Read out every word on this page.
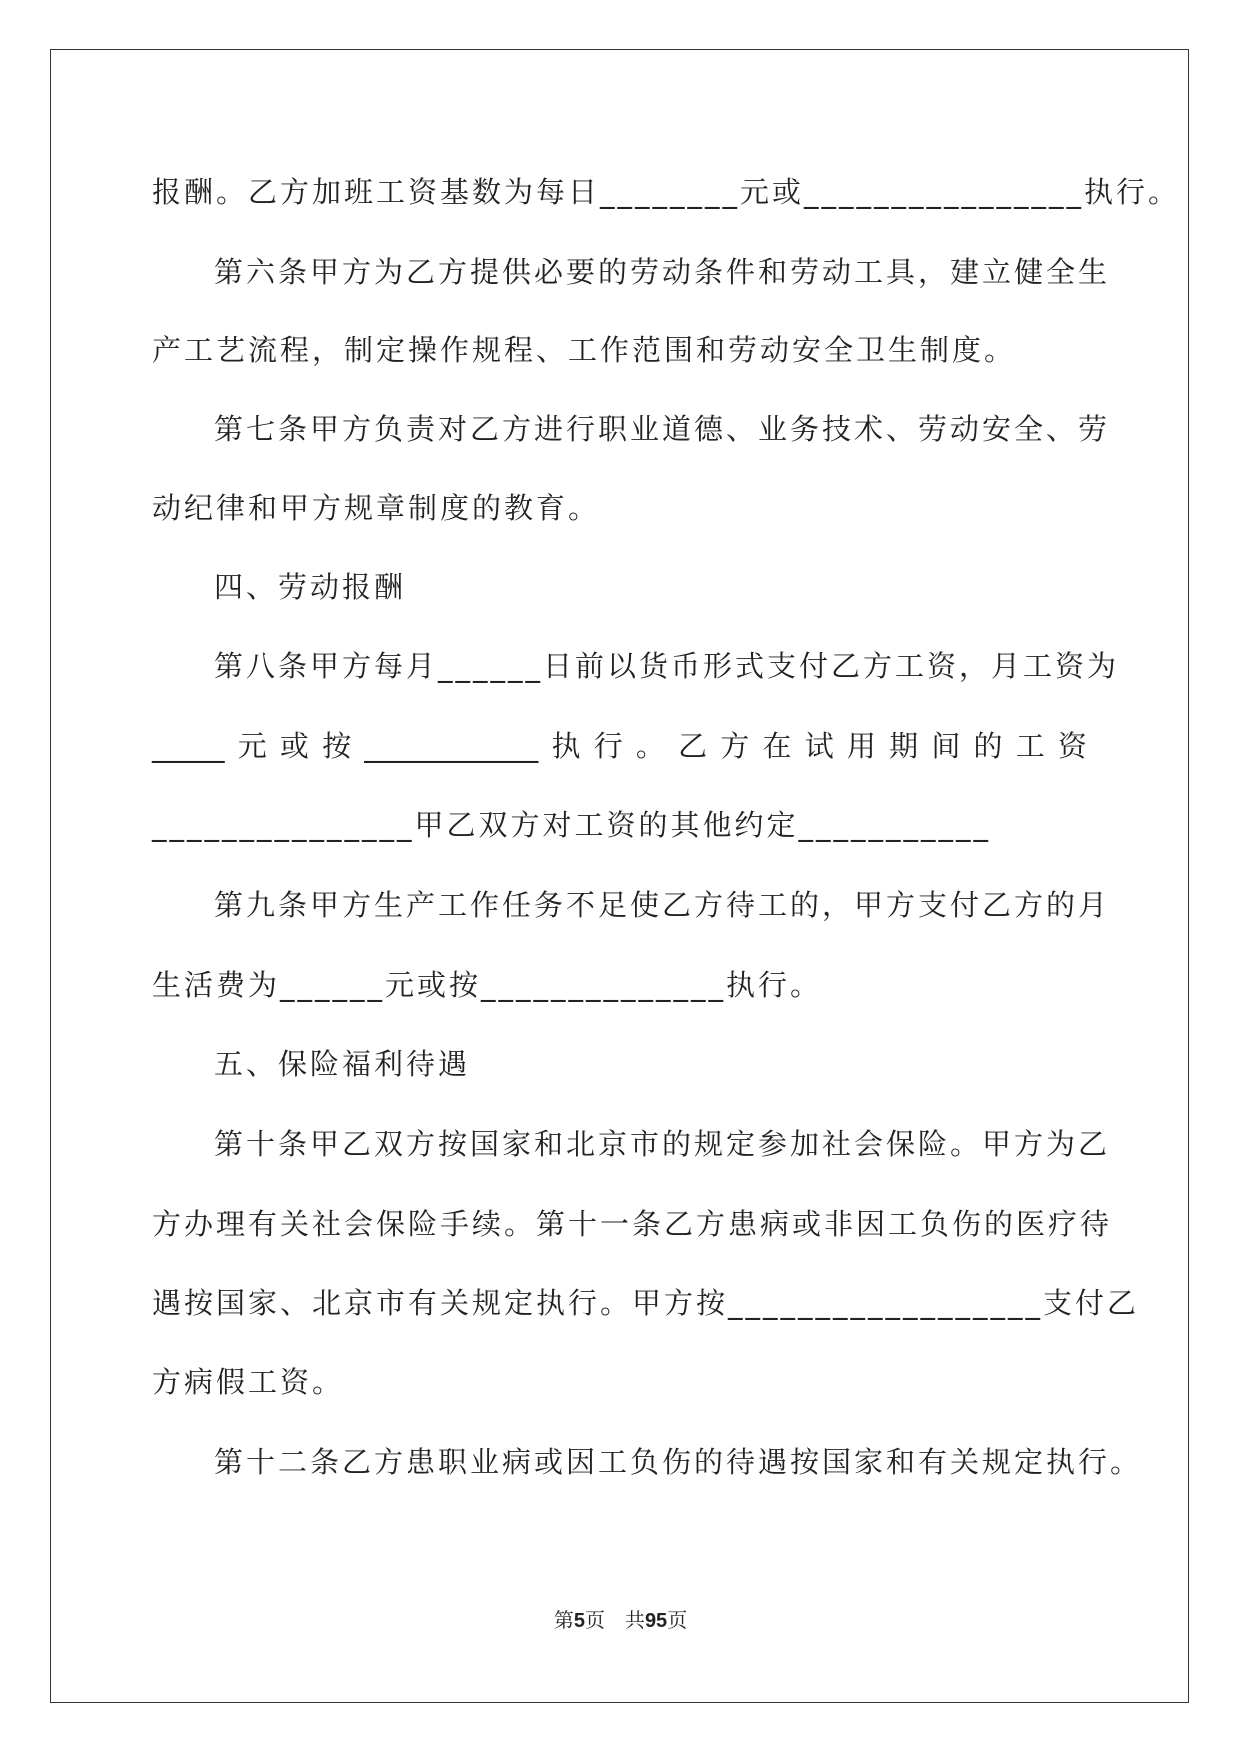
报酬。乙方加班工资基数为每日________元或________________执行。
第六条甲方为乙方提供必要的劳动条件和劳动工具，建立健全生
产工艺流程，制定操作规程、工作范围和劳动安全卫生制度。
第七条甲方负责对乙方进行职业道德、业务技术、劳动安全、劳
动纪律和甲方规章制度的教育。
四、劳动报酬
第八条甲方每月______日前以货币形式支付乙方工资，月工资为
_____ 元 或 按 ____________ 执 行 。 乙 方 在 试 用 期 间 的 工 资
_______________甲乙双方对工资的其他约定___________
第九条甲方生产工作任务不足使乙方待工的，甲方支付乙方的月
生活费为______元或按______________执行。
五、保险福利待遇
第十条甲乙双方按国家和北京市的规定参加社会保险。甲方为乙
方办理有关社会保险手续。第十一条乙方患病或非因工负伤的医疗待
遇按国家、北京市有关规定执行。甲方按__________________支付乙
方病假工资。
第十二条乙方患职业病或因工负伤的待遇按国家和有关规定执行。
第5页　共95页
